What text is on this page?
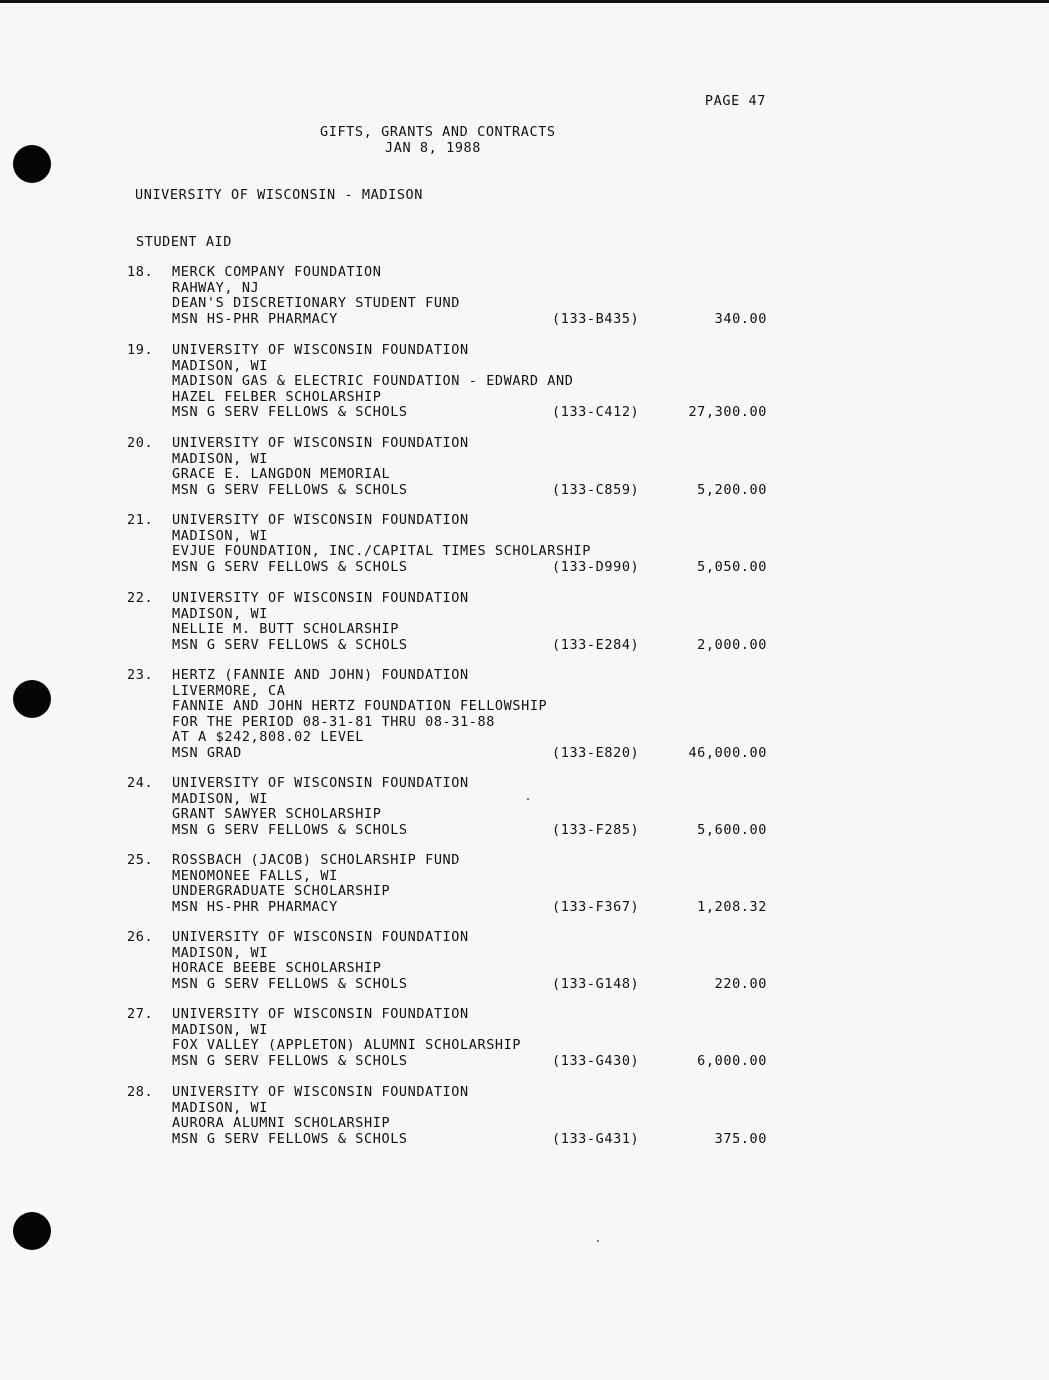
PAGE 47
GIFTS, GRANTS AND CONTRACTS
JAN 8, 1988
UNIVERSITY OF WISCONSIN - MADISON
STUDENT AID
18. MERCK COMPANY FOUNDATION
RAHWAY, NJ
DEAN'S DISCRETIONARY STUDENT FUND
MSN HS-PHR PHARMACY	(133-B435)	340.00
19. UNIVERSITY OF WISCONSIN FOUNDATION
MADISON, WI
MADISON GAS & ELECTRIC FOUNDATION - EDWARD AND
HAZEL FELBER SCHOLARSHIP
MSN G SERV FELLOWS & SCHOLS	(133-C412)	27,300.00
20. UNIVERSITY OF WISCONSIN FOUNDATION
MADISON, WI
GRACE E. LANGDON MEMORIAL
MSN G SERV FELLOWS & SCHOLS	(133-C859)	5,200.00
21. UNIVERSITY OF WISCONSIN FOUNDATION
MADISON, WI
EVJUE FOUNDATION, INC./CAPITAL TIMES SCHOLARSHIP
MSN G SERV FELLOWS & SCHOLS	(133-D990)	5,050.00
22. UNIVERSITY OF WISCONSIN FOUNDATION
MADISON, WI
NELLIE M. BUTT SCHOLARSHIP
MSN G SERV FELLOWS & SCHOLS	(133-E284)	2,000.00
23. HERTZ (FANNIE AND JOHN) FOUNDATION
LIVERMORE, CA
FANNIE AND JOHN HERTZ FOUNDATION FELLOWSHIP
FOR THE PERIOD 08-31-81 THRU 08-31-88
AT A $242,808.02 LEVEL
MSN GRAD	(133-E820)	46,000.00
24. UNIVERSITY OF WISCONSIN FOUNDATION
MADISON, WI
GRANT SAWYER SCHOLARSHIP
MSN G SERV FELLOWS & SCHOLS	(133-F285)	5,600.00
25. ROSSBACH (JACOB) SCHOLARSHIP FUND
MENOMONEE FALLS, WI
UNDERGRADUATE SCHOLARSHIP
MSN HS-PHR PHARMACY	(133-F367)	1,208.32
26. UNIVERSITY OF WISCONSIN FOUNDATION
MADISON, WI
HORACE BEEBE SCHOLARSHIP
MSN G SERV FELLOWS & SCHOLS	(133-G148)	220.00
27. UNIVERSITY OF WISCONSIN FOUNDATION
MADISON, WI
FOX VALLEY (APPLETON) ALUMNI SCHOLARSHIP
MSN G SERV FELLOWS & SCHOLS	(133-G430)	6,000.00
28. UNIVERSITY OF WISCONSIN FOUNDATION
MADISON, WI
AURORA ALUMNI SCHOLARSHIP
MSN G SERV FELLOWS & SCHOLS	(133-G431)	375.00
